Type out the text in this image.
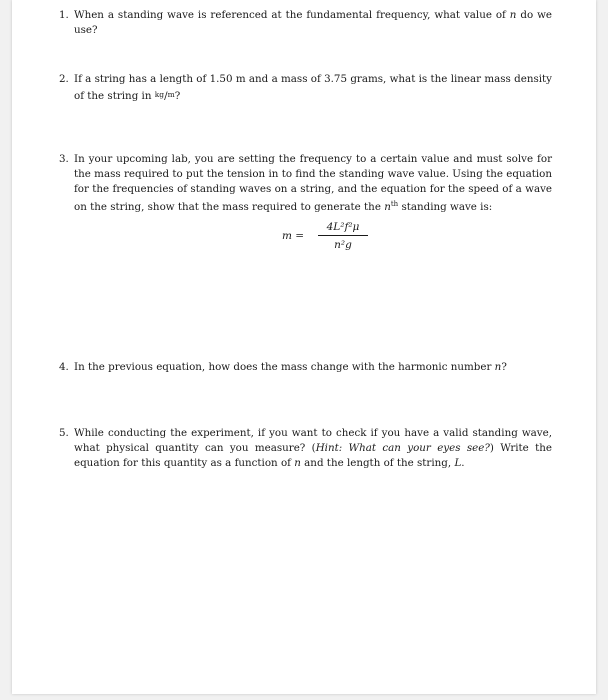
1. When a standing wave is referenced at the fundamental frequency, what value of n do we use?

2. If a string has a length of 1.50 m and a mass of 3.75 grams, what is the linear mass density of the string in kg/m?

3. In your upcoming lab, you are setting the frequency to a certain value and must solve for the mass required to put the tension in to find the standing wave value. Using the equation for the frequencies of standing waves on a string, and the equation for the speed of a wave on the string, show that the mass required to generate the $n^{th}$ standing wave is:

m =
4L²f²μ
n²g
4. In the previous equation, how does the mass change with the harmonic number n?

5. While conducting the experiment, if you want to check if you have a valid standing wave, what physical quantity can you measure? (Hint: What can your eyes see?) Write the equation for this quantity as a function of n and the length of the string, L.
